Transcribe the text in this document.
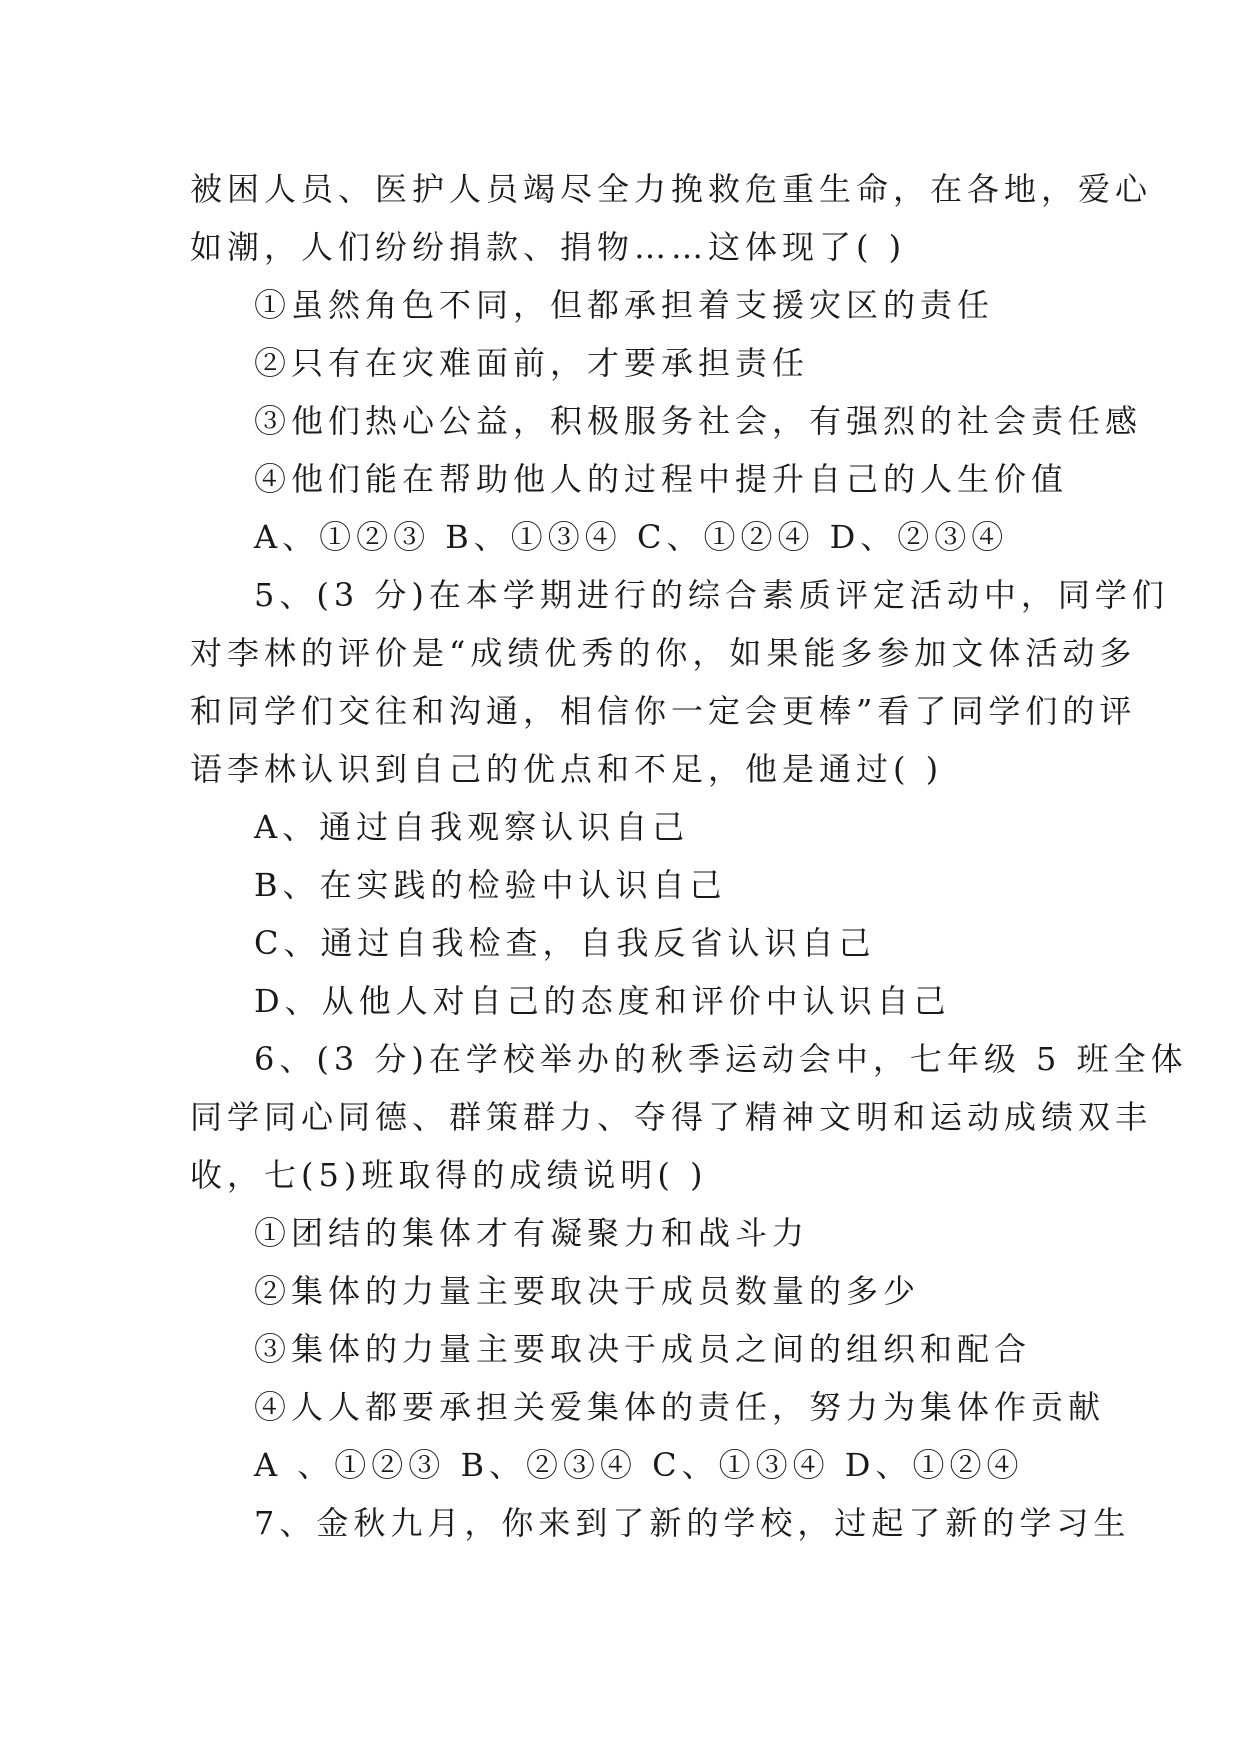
被困人员、医护人员竭尽全力挽救危重生命，在各地，爱心
如潮，人们纷纷捐款、捐物……这体现了( )
①虽然角色不同，但都承担着支援灾区的责任
②只有在灾难面前，才要承担责任
③他们热心公益，积极服务社会，有强烈的社会责任感
④他们能在帮助他人的过程中提升自己的人生价值
A、①②③ B、①③④ C、①②④ D、②③④
5、(3 分)在本学期进行的综合素质评定活动中，同学们
对李林的评价是“成绩优秀的你，如果能多参加文体活动多
和同学们交往和沟通，相信你一定会更棒”看了同学们的评
语李林认识到自己的优点和不足，他是通过( )
A、通过自我观察认识自己
B、在实践的检验中认识自己
C、通过自我检查，自我反省认识自己
D、从他人对自己的态度和评价中认识自己
6、(3 分)在学校举办的秋季运动会中，七年级 5 班全体
同学同心同德、群策群力、夺得了精神文明和运动成绩双丰
收，七(5)班取得的成绩说明( )
①团结的集体才有凝聚力和战斗力
②集体的力量主要取决于成员数量的多少
③集体的力量主要取决于成员之间的组织和配合
④人人都要承担关爱集体的责任，努力为集体作贡献
A 、①②③ B、②③④ C、①③④ D、①②④
7、金秋九月，你来到了新的学校，过起了新的学习生
